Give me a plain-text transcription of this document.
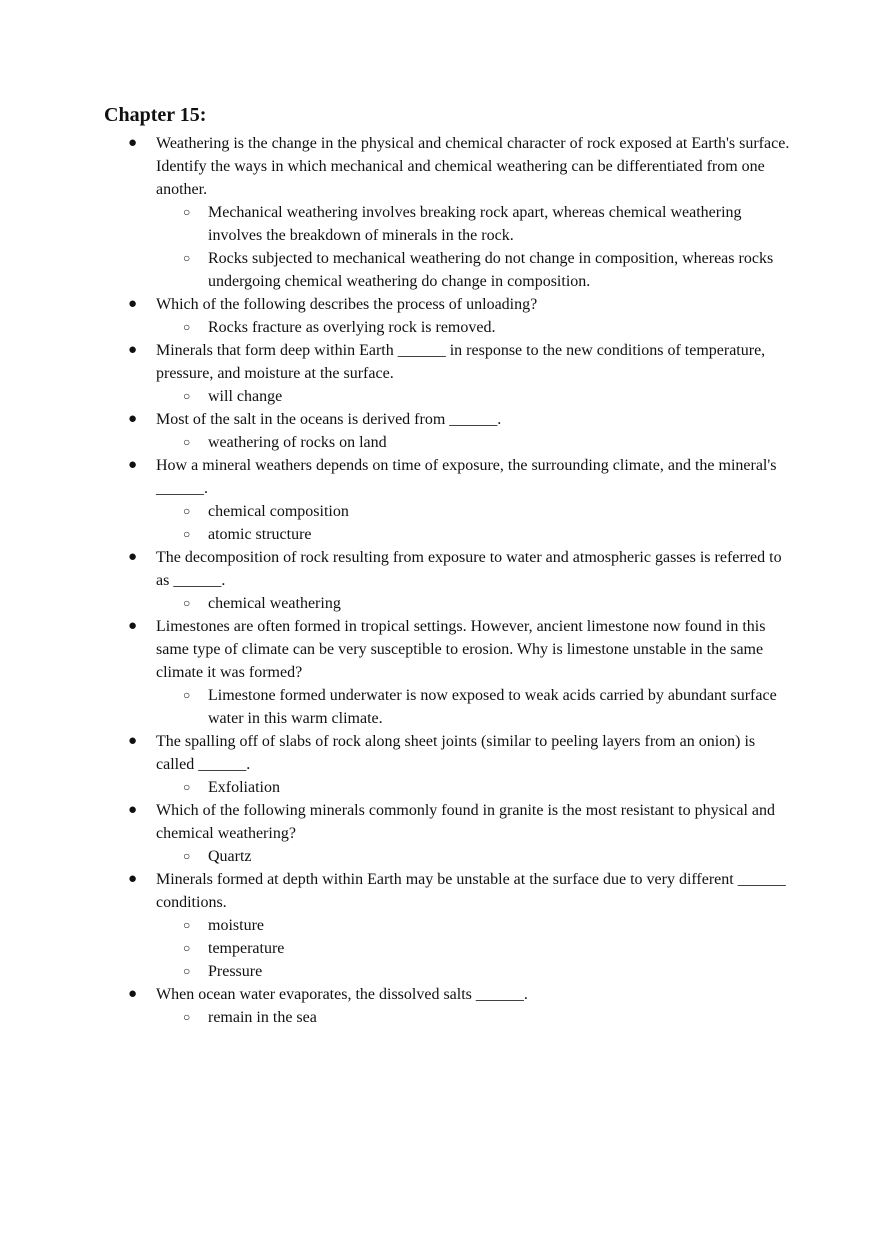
Chapter 15:
●	Weathering is the change in the physical and chemical character of rock exposed at Earth's surface. Identify the ways in which mechanical and chemical weathering can be differentiated from one another.
○	Mechanical weathering involves breaking rock apart, whereas chemical weathering involves the breakdown of minerals in the rock.
○	Rocks subjected to mechanical weathering do not change in composition, whereas rocks undergoing chemical weathering do change in composition.
●	Which of the following describes the process of unloading?
○	Rocks fracture as overlying rock is removed.
●	Minerals that form deep within Earth ______ in response to the new conditions of temperature, pressure, and moisture at the surface.
○	will change
●	Most of the salt in the oceans is derived from ______.
○	weathering of rocks on land
●	How a mineral weathers depends on time of exposure, the surrounding climate, and the mineral's ______.
○	chemical composition
○	atomic structure
●	The decomposition of rock resulting from exposure to water and atmospheric gasses is referred to as ______.
○	chemical weathering
●	Limestones are often formed in tropical settings. However, ancient limestone now found in this same type of climate can be very susceptible to erosion. Why is limestone unstable in the same climate it was formed?
○	Limestone formed underwater is now exposed to weak acids carried by abundant surface water in this warm climate.
●	The spalling off of slabs of rock along sheet joints (similar to peeling layers from an onion) is called ______.
○	Exfoliation
●	Which of the following minerals commonly found in granite is the most resistant to physical and chemical weathering?
○	Quartz
●	Minerals formed at depth within Earth may be unstable at the surface due to very different ______ conditions.
○	moisture
○	temperature
○	Pressure
●	When ocean water evaporates, the dissolved salts ______.
○	remain in the sea
